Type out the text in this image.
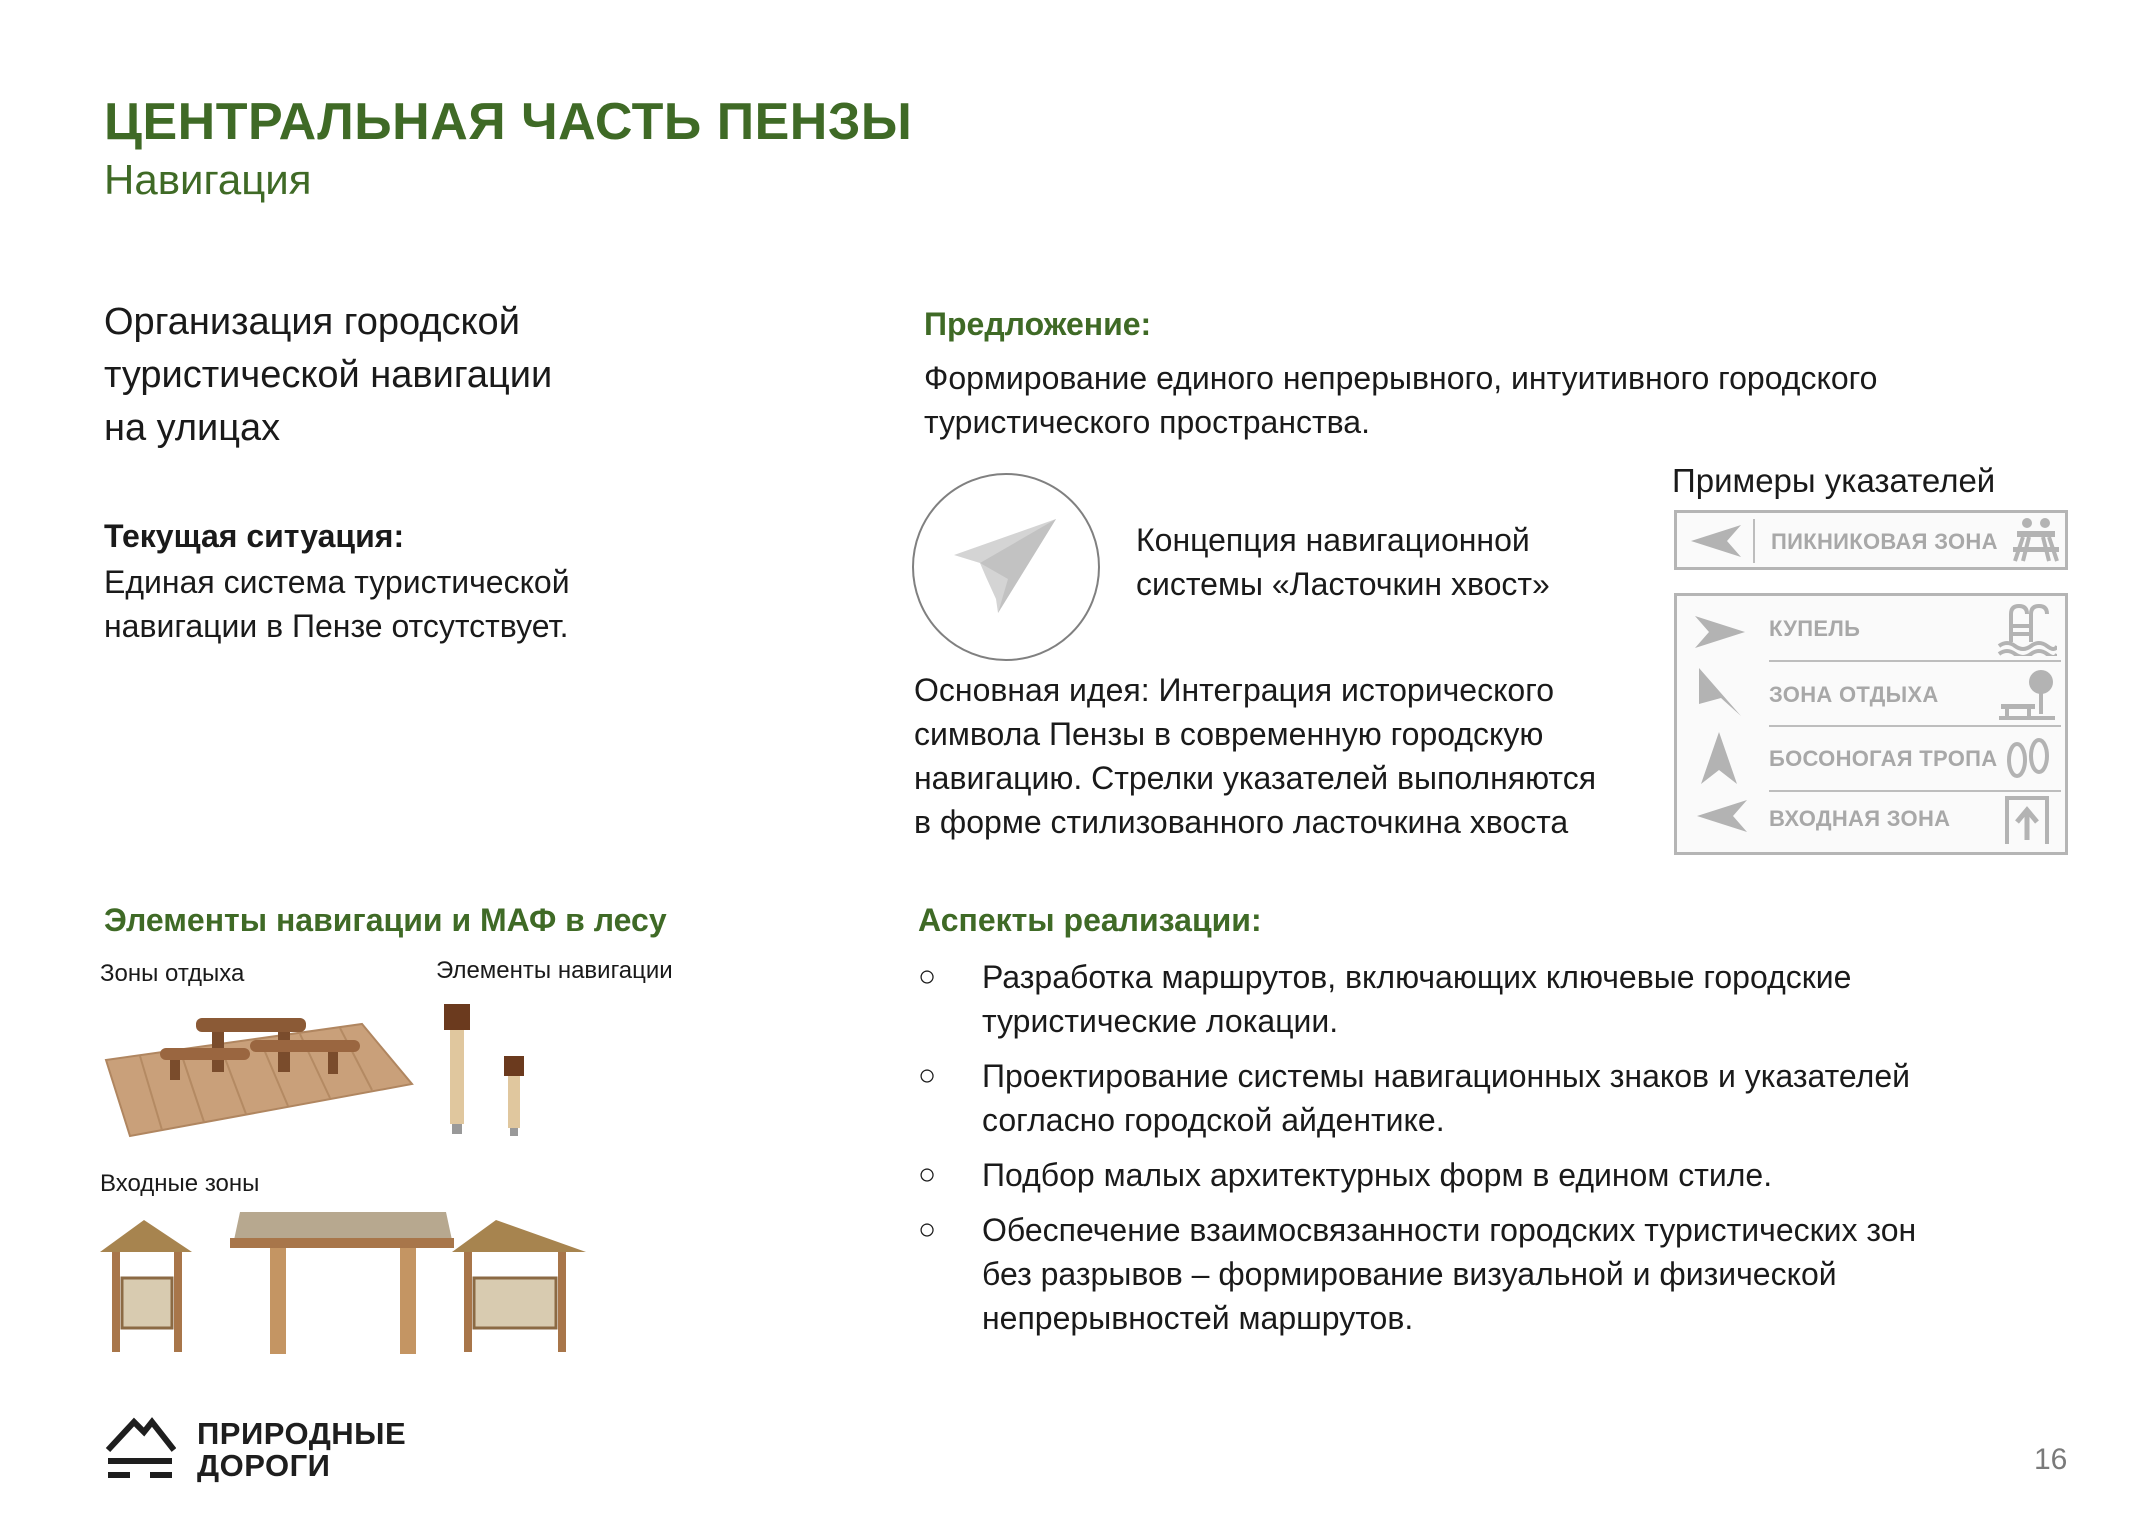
ЦЕНТРАЛЬНАЯ ЧАСТЬ ПЕНЗЫ
Навигация
Организация городской
туристической навигации
на улицах
Текущая ситуация:
Единая система туристической
навигации в Пензе отсутствует.
Предложение:
Формирование единого непрерывного, интуитивного городского
туристического пространства.
Концепция навигационной
системы «Ласточкин хвост»
Основная идея: Интеграция исторического
символа Пензы в современную городскую
навигацию. Стрелки указателей выполняются
в форме стилизованного ласточкина хвоста
Примеры указателей
ПИКНИКОВАЯ ЗОНА
КУПЕЛЬ
ЗОНА ОТДЫХА
БОСОНОГАЯ ТРОПА
ВХОДНАЯ ЗОНА
Элементы навигации и МАФ в лесу
Зоны отдыха	Элементы навигации
Входные зоны
Аспекты реализации:
○ Разработка маршрутов, включающих ключевые городские
туристические локации.
○ Проектирование системы навигационных знаков и указателей
согласно городской айдентике.
○ Подбор малых архитектурных форм в едином стиле.
○ Обеспечение взаимосвязанности городских туристических зон
без разрывов – формирование визуальной и физической
непрерывностей маршрутов.
ПРИРОДНЫЕ
ДОРОГИ	16
